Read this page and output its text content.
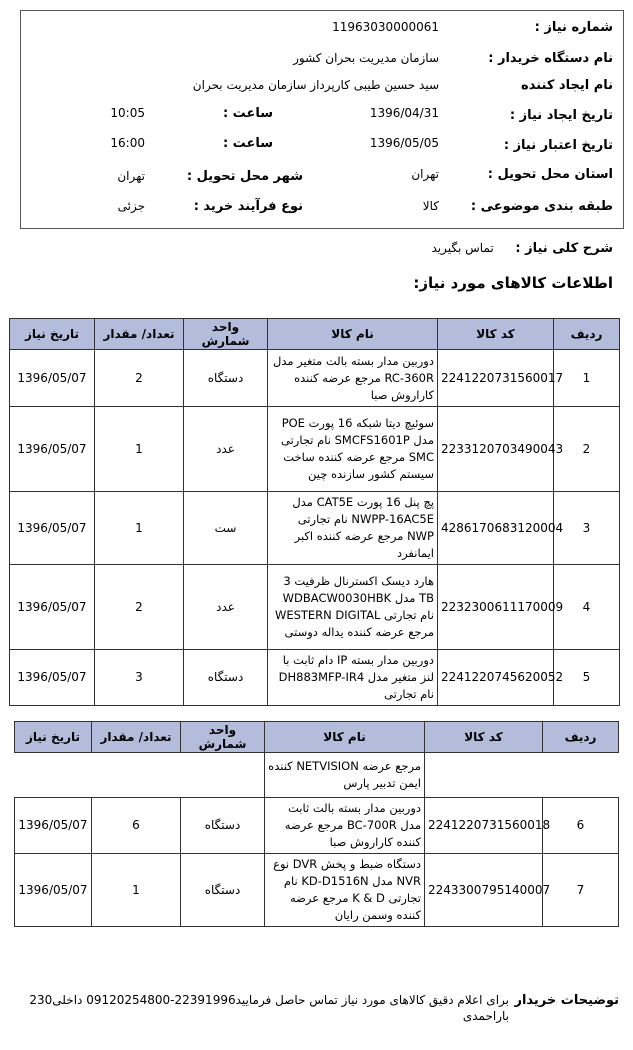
شماره نیاز :
11963030000061
نام دستگاه خریدار :
سازمان مدیریت بحران کشور
نام ایجاد کننده
سید حسین طیبی کارپرداز سازمان مدیریت بحران
تاریخ ایجاد نیاز :
1396/04/31
ساعت :
10:05
تاریخ اعتبار نیاز :
1396/05/05
ساعت :
16:00
استان محل تحویل :
تهران
شهر محل تحویل :
تهران
طبقه بندی موضوعی :
کالا
نوع فرآیند خرید :
جزئی
شرح کلی نیاز :  تماس بگیرید
اطلاعات کالاهای مورد نیاز:
ردیف	کد کالا	نام کالا	واحد شمارش	تعداد/ مقدار	تاریخ نیاز
1	2241220731560017	دوربین مدار بسته بالت متغیر مدل RC-360R مرجع عرضه کننده کاراروش صبا	دستگاه	2	1396/05/07
2	2233120703490043	سوئیچ دیتا شبکه 16 پورت POE مدل SMCFS1601P نام تجارتی SMC مرجع عرضه کننده ساخت سیستم کشور سازنده چین	عدد	1	1396/05/07
3	4286170683120004	پچ پنل 16 پورت CAT5E مدل NWPP-16AC5E نام تجارتی NWP مرجع عرضه کننده اکبر ایمانفرد	ست	1	1396/05/07
4	2232300611170009	هارد دیسک اکسترنال ظرفیت 3 TB مدل WDBACW0030HBK نام تجارتی WESTERN DIGITAL مرجع عرضه کننده یداله دوستی	عدد	2	1396/05/07
5	2241220745620052	دوربین مدار بسته IP دام ثابت با لنز متغیر مدل DH883MFP-IR4 نام تجارتی	دستگاه	3	1396/05/07
ردیف	کد کالا	نام کالا	واحد شمارش	تعداد/ مقدار	تاریخ نیاز
		مرجع عرضه NETVISION کننده ایمن تدبیر پارس			
6	2241220731560018	دوربین مدار بسته بالت ثابت مدل BC-700R مرجع عرضه کننده کاراروش صبا	دستگاه	6	1396/05/07
7	2243300795140007	دستگاه ضبط و پخش DVR نوع NVR مدل KD-D1516N نام تجارتی K & D مرجع عرضه کننده وسمن رایان	دستگاه	1	1396/05/07
توضیحات خریدار
برای اعلام دقیق کالاهای مورد نیاز تماس حاصل فرمایید22391996-09120254800 داخلی230 باراحمدی
